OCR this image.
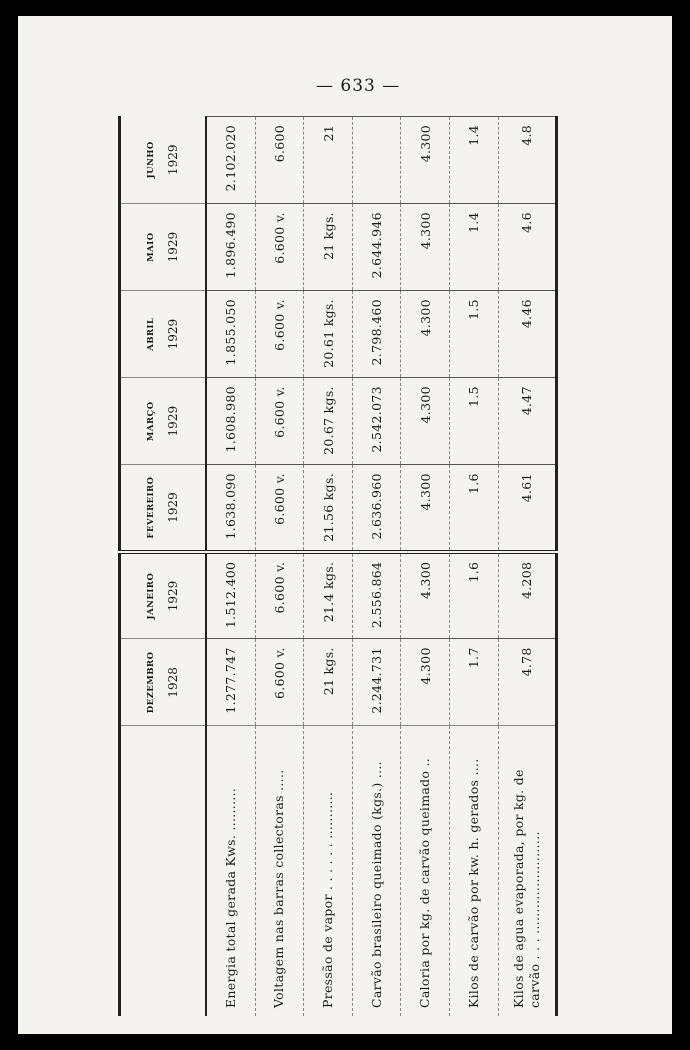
— 633 —

	DEZEMBRO 1928	JANEIRO 1929	FEVEREIRO 1929	MARÇO 1929	ABRIL 1929	MAIO 1929	JUNHO 1929

Energia total gerada Kws. ..........	1.277.747	1.512.400	1.638.090	1.608.980	1.855.050	1.896.490	2.102.020
Voltagem nas barras collectoras .....	6.600 v.	6.600 v.	6.600 v.	6.600 v.	6.600 v.	6.600 v.	6.600
Pressão de vapor . . . . . . ...........	21 kgs.	21.4 kgs.	21.56 kgs.	20.67 kgs.	20.61 kgs.	21 kgs.	21
Carvão brasileiro queimado (kgs.) ....	2.244.731	2.556.864	2.636.960	2.542.073	2.798.460	2.644.946	
Caloria por kg. de carvão queimado ..	4.300	4.300	4.300	4.300	4.300	4.300	4.300
Kilos de carvão por kw. h. gerados ....	1.7	1.6	1.6	1.5	1.5	1.4	1.4
Kilos de agua evaporada, por kg. de carvão . . . ........................	4.78	4.208	4.61	4.47	4.46	4.6	4.8
